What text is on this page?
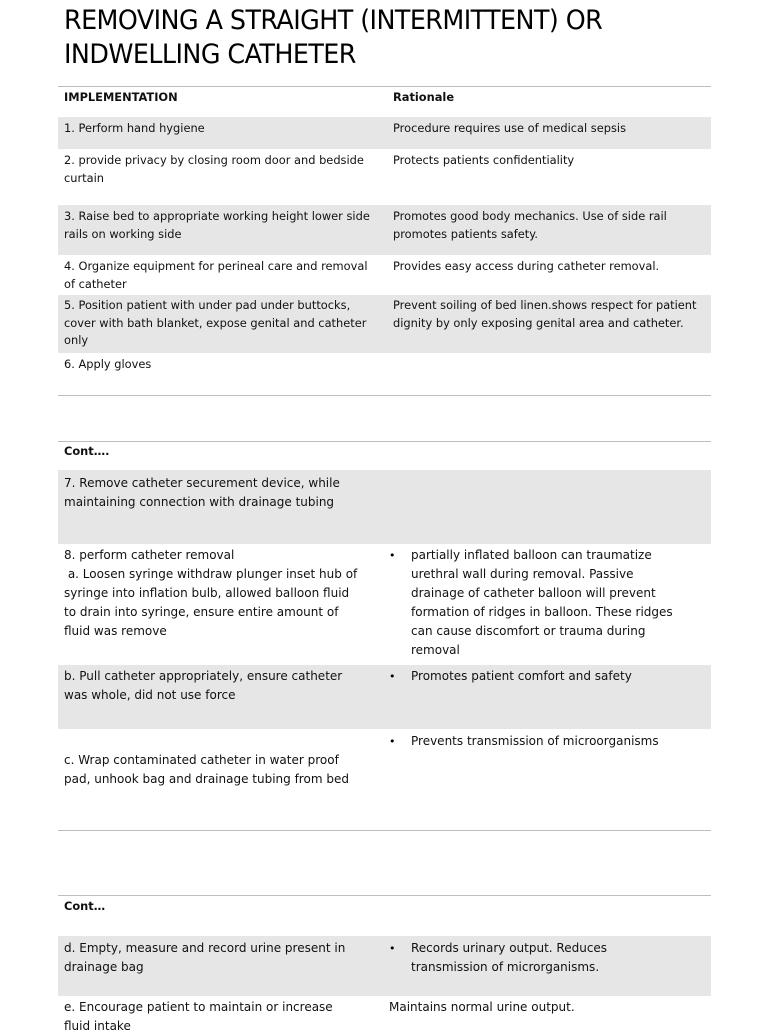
REMOVING A STRAIGHT (INTERMITTENT) OR
INDWELLING CATHETER
IMPLEMENTATION	Rationale
1. Perform hand hygiene	Procedure requires use of medical sepsis
2. provide privacy by closing room door and bedside
curtain
Protects patients confidentiality
3. Raise bed to appropriate working height lower side
rails on working side
Promotes good body mechanics. Use of side rail
promotes patients safety.
4. Organize equipment for perineal care and removal
of catheter
Provides easy access during catheter removal.
5. Position patient with under pad under buttocks,
cover with bath blanket, expose genital and catheter
only
Prevent soiling of bed linen.shows respect for patient
dignity by only exposing genital area and catheter.
6. Apply gloves
Cont….
7. Remove catheter securement device, while
maintaining connection with drainage tubing
8. perform catheter removal
a. Loosen syringe withdraw plunger inset hub of
syringe into inflation bulb, allowed balloon fluid
to drain into syringe, ensure entire amount of
fluid was remove
• partially inflated balloon can traumatize
urethral wall during removal. Passive
drainage of catheter balloon will prevent
formation of ridges in balloon. These ridges
can cause discomfort or trauma during
removal
b. Pull catheter appropriately, ensure catheter
was whole, did not use force
• Promotes patient comfort and safety
c. Wrap contaminated catheter in water proof
pad, unhook bag and drainage tubing from bed
• Prevents transmission of microorganisms
Cont…
d. Empty, measure and record urine present in
drainage bag
• Records urinary output. Reduces
transmission of microrganisms.
e. Encourage patient to maintain or increase
fluid intake
Maintains normal urine output.
